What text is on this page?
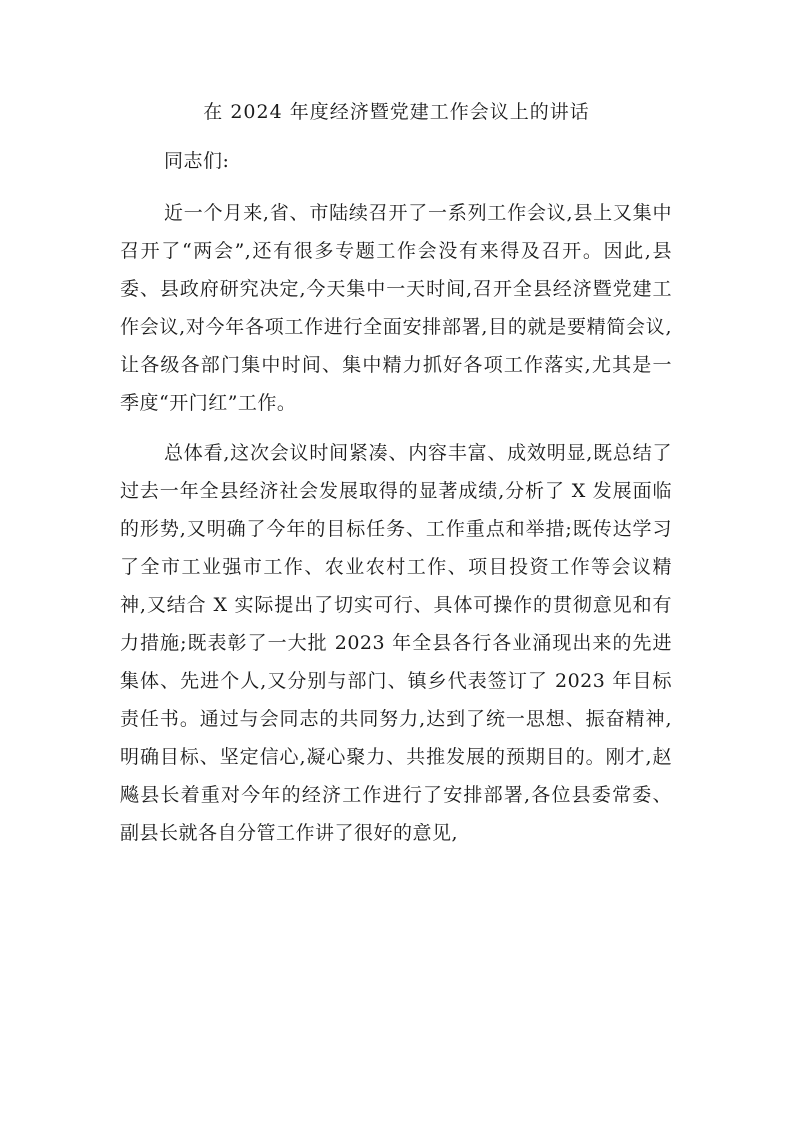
在 2024 年度经济暨党建工作会议上的讲话

同志们:

近一个月来,省、市陆续召开了一系列工作会议,县上又集中召开了“两会”,还有很多专题工作会没有来得及召开。因此,县委、县政府研究决定,今天集中一天时间,召开全县经济暨党建工作会议,对今年各项工作进行全面安排部署,目的就是要精简会议,让各级各部门集中时间、集中精力抓好各项工作落实,尤其是一季度“开门红”工作。

总体看,这次会议时间紧凑、内容丰富、成效明显,既总结了过去一年全县经济社会发展取得的显著成绩,分析了 X 发展面临的形势,又明确了今年的目标任务、工作重点和举措;既传达学习了全市工业强市工作、农业农村工作、项目投资工作等会议精神,又结合 X 实际提出了切实可行、具体可操作的贯彻意见和有力措施;既表彰了一大批 2023 年全县各行各业涌现出来的先进集体、先进个人,又分别与部门、镇乡代表签订了 2023 年目标责任书。通过与会同志的共同努力,达到了统一思想、振奋精神,明确目标、坚定信心,凝心聚力、共推发展的预期目的。刚才,赵飚县长着重对今年的经济工作进行了安排部署,各位县委常委、副县长就各自分管工作讲了很好的意见,
